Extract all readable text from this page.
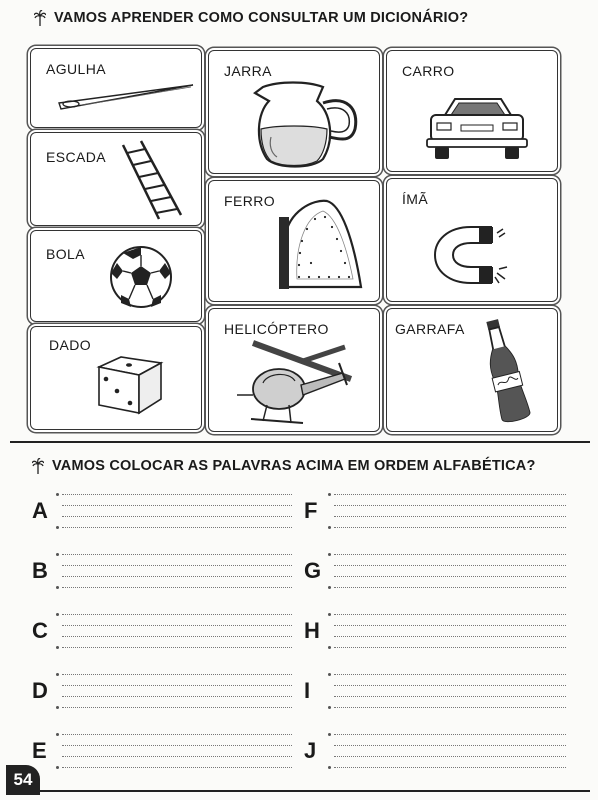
VAMOS APRENDER COMO CONSULTAR UM DICIONÁRIO?
AGULHA
ESCADA
BOLA
DADO
JARRA
FERRO
HELICÓPTERO
CARRO
ÍMÃ
GARRAFA
VAMOS COLOCAR AS PALAVRAS ACIMA EM ORDEM ALFABÉTICA?
A
B
C
D
E
F
G
H
I
J
54
